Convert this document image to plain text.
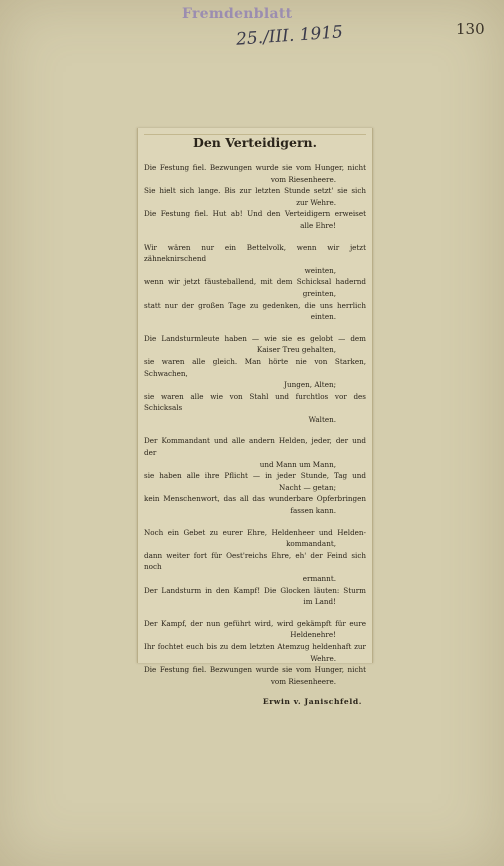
Fremdenblatt
25./III. 1915	130
Den Verteidigern.
Die Festung fiel. Bezwungen wurde sie vom Hunger, nicht
vom Riesenheere.
Sie hielt sich lange. Bis zur letzten Stunde setzt' sie sich
zur Wehre.
Die Festung fiel. Hut ab! Und den Verteidigern erweiset
alle Ehre!
Wir wären nur ein Bettelvolk, wenn wir jetzt zähneknirschend
weinten,
wenn wir jetzt fäusteballend, mit dem Schicksal hadernd
greinten,
statt nur der großen Tage zu gedenken, die uns herrlich
einten.
Die Landsturmleute haben — wie sie es gelobt — dem
Kaiser Treu gehalten,
sie waren alle gleich. Man hörte nie von Starken, Schwachen,
Jungen, Alten;
sie waren alle wie von Stahl und furchtlos vor des Schicksals
Walten.
Der Kommandant und alle andern Helden, jeder, der und der
und Mann um Mann,
sie haben alle ihre Pflicht — in jeder Stunde, Tag und
Nacht — getan;
kein Menschenwort, das all das wunderbare Opferbringen
fassen kann.
Noch ein Gebet zu eurer Ehre, Heldenheer und Helden-
kommandant,
dann weiter fort für Oest'reichs Ehre, eh' der Feind sich noch
ermannt.
Der Landsturm in den Kampf! Die Glocken läuten: Sturm
im Land!
Der Kampf, der nun geführt wird, wird gekämpft für eure
Heldenehre!
Ihr fochtet euch bis zu dem letzten Atemzug heldenhaft zur
Wehre.
Die Festung fiel. Bezwungen wurde sie vom Hunger, nicht
vom Riesenheere.
Erwin v. Janischfeld.
